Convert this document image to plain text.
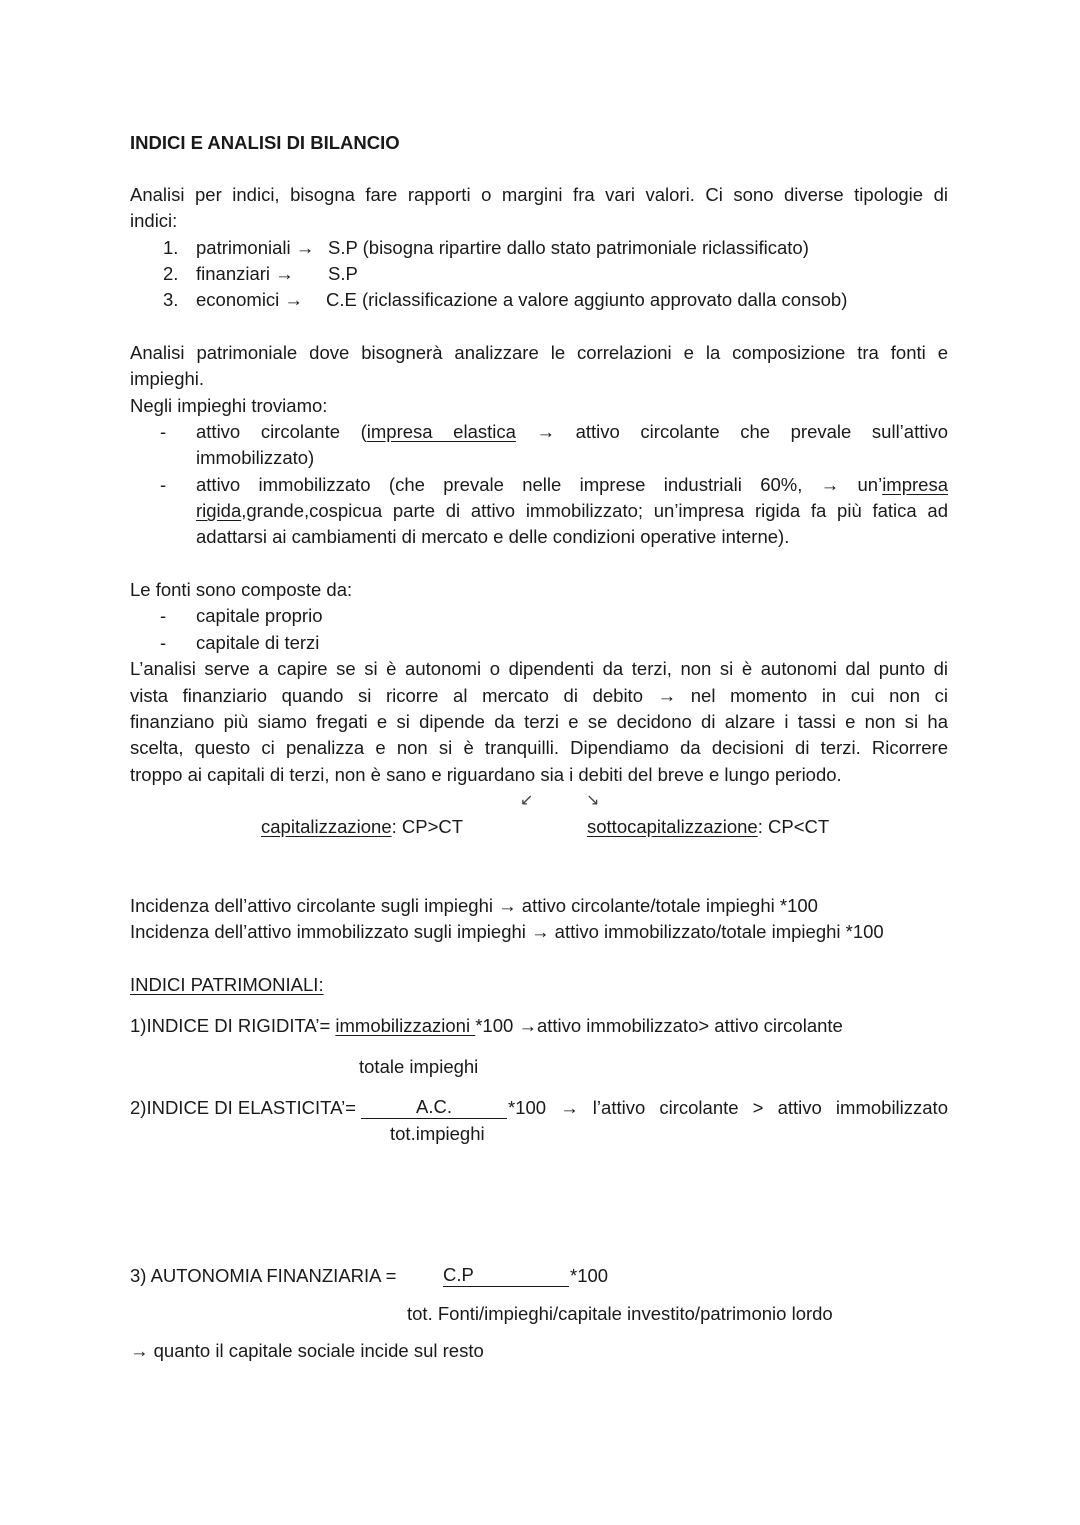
INDICI E ANALISI DI BILANCIO
Analisi per indici, bisogna fare rapporti o margini fra vari valori. Ci sono diverse tipologie di
indici:
1. patrimoniali → S.P (bisogna ripartire dallo stato patrimoniale riclassificato)
2. finanziari → S.P
3. economici → C.E (riclassificazione a valore aggiunto approvato dalla consob)
Analisi patrimoniale dove bisognerà analizzare le correlazioni e la composizione tra fonti e
impieghi.
Negli impieghi troviamo:
- attivo circolante (impresa elastica → attivo circolante che prevale sull’attivo
immobilizzato)
- attivo immobilizzato (che prevale nelle imprese industriali 60%, → un’impresa
rigida,grande,cospicua parte di attivo immobilizzato; un’impresa rigida fa più fatica ad
adattarsi ai cambiamenti di mercato e delle condizioni operative interne).
Le fonti sono composte da:
- capitale proprio
- capitale di terzi
L’analisi serve a capire se si è autonomi o dipendenti da terzi, non si è autonomi dal punto di
vista finanziario quando si ricorre al mercato di debito → nel momento in cui non ci
finanziano più siamo fregati e si dipende da terzi e se decidono di alzare i tassi e non si ha
scelta, questo ci penalizza e non si è tranquilli. Dipendiamo da decisioni di terzi. Ricorrere
troppo ai capitali di terzi, non è sano e riguardano sia i debiti del breve e lungo periodo.
↙	↘
capitalizzazione: CP>CT	sottocapitalizzazione: CP<CT
Incidenza dell’attivo circolante sugli impieghi → attivo circolante/totale impieghi *100
Incidenza dell’attivo immobilizzato sugli impieghi → attivo immobilizzato/totale impieghi *100
INDICI PATRIMONIALI:
1)INDICE DI RIGIDITA’= immobilizzazioni *100 →attivo immobilizzato> attivo circolante
totale impieghi
2)INDICE DI ELASTICITA’=	A.C.	*100 → l’attivo circolante > attivo immobilizzato
tot.impieghi
3) AUTONOMIA FINANZIARIA =	C.P	*100
tot. Fonti/impieghi/capitale investito/patrimonio lordo
→ quanto il capitale sociale incide sul resto
